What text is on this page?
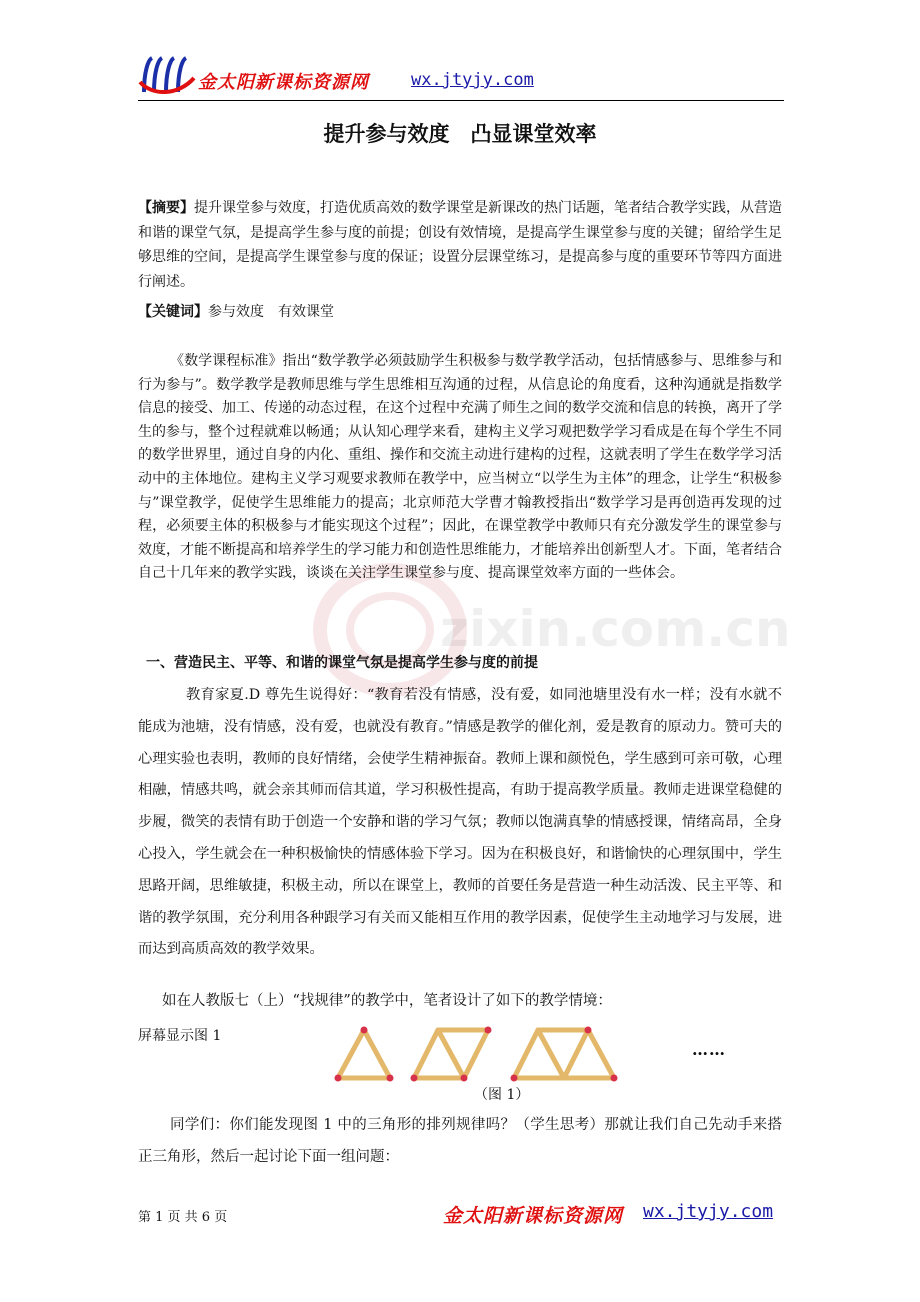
zixin.com.cn
金太阳新课标资源网 wx.jtyjy.com
提升参与效度　凸显课堂效率
【摘要】提升课堂参与效度，打造优质高效的数学课堂是新课改的热门话题，笔者结合教学实践，从营造和谐的课堂气氛，是提高学生参与度的前提；创设有效情境，是提高学生课堂参与度的关键；留给学生足够思维的空间，是提高学生课堂参与度的保证；设置分层课堂练习，是提高参与度的重要环节等四方面进行阐述。
【关键词】参与效度　有效课堂
《数学课程标准》指出“数学教学必须鼓励学生积极参与数学教学活动，包括情感参与、思维参与和行为参与”。数学教学是教师思维与学生思维相互沟通的过程，从信息论的角度看，这种沟通就是指数学信息的接受、加工、传递的动态过程，在这个过程中充满了师生之间的数学交流和信息的转换，离开了学生的参与，整个过程就难以畅通；从认知心理学来看，建构主义学习观把数学学习看成是在每个学生不同的数学世界里，通过自身的内化、重组、操作和交流主动进行建构的过程，这就表明了学生在数学学习活动中的主体地位。建构主义学习观要求教师在教学中，应当树立“以学生为主体”的理念，让学生“积极参与”课堂教学，促使学生思维能力的提高；北京师范大学曹才翰教授指出“数学学习是再创造再发现的过程，必须要主体的积极参与才能实现这个过程”；因此，在课堂教学中教师只有充分激发学生的课堂参与效度，才能不断提高和培养学生的学习能力和创造性思维能力，才能培养出创新型人才。下面，笔者结合自己十几年来的教学实践，谈谈在关注学生课堂参与度、提高课堂效率方面的一些体会。
一、营造民主、平等、和谐的课堂气氛是提高学生参与度的前提
教育家夏.D 尊先生说得好：“教育若没有情感，没有爱，如同池塘里没有水一样；没有水就不能成为池塘，没有情感，没有爱，也就没有教育。”情感是教学的催化剂，爱是教育的原动力。赞可夫的心理实验也表明，教师的良好情绪，会使学生精神振奋。教师上课和颜悦色，学生感到可亲可敬，心理相融，情感共鸣，就会亲其师而信其道，学习积极性提高，有助于提高教学质量。教师走进课堂稳健的步履，微笑的表情有助于创造一个安静和谐的学习气氛；教师以饱满真挚的情感授课，情绪高昂，全身心投入，学生就会在一种积极愉快的情感体验下学习。因为在积极良好，和谐愉快的心理氛围中，学生思路开阔，思维敏捷，积极主动，所以在课堂上，教师的首要任务是营造一种生动活泼、民主平等、和谐的教学氛围，充分利用各种跟学习有关而又能相互作用的教学因素，促使学生主动地学习与发展，进而达到高质高效的教学效果。
如在人教版七（上）“找规律”的教学中，笔者设计了如下的教学情境：
屏幕显示图 1
……
（图 1）
同学们：你们能发现图 1 中的三角形的排列规律吗？（学生思考）那就让我们自己先动手来搭正三角形，然后一起讨论下面一组问题：
第 1 页 共 6 页	金太阳新课标资源网 wx.jtyjy.com
